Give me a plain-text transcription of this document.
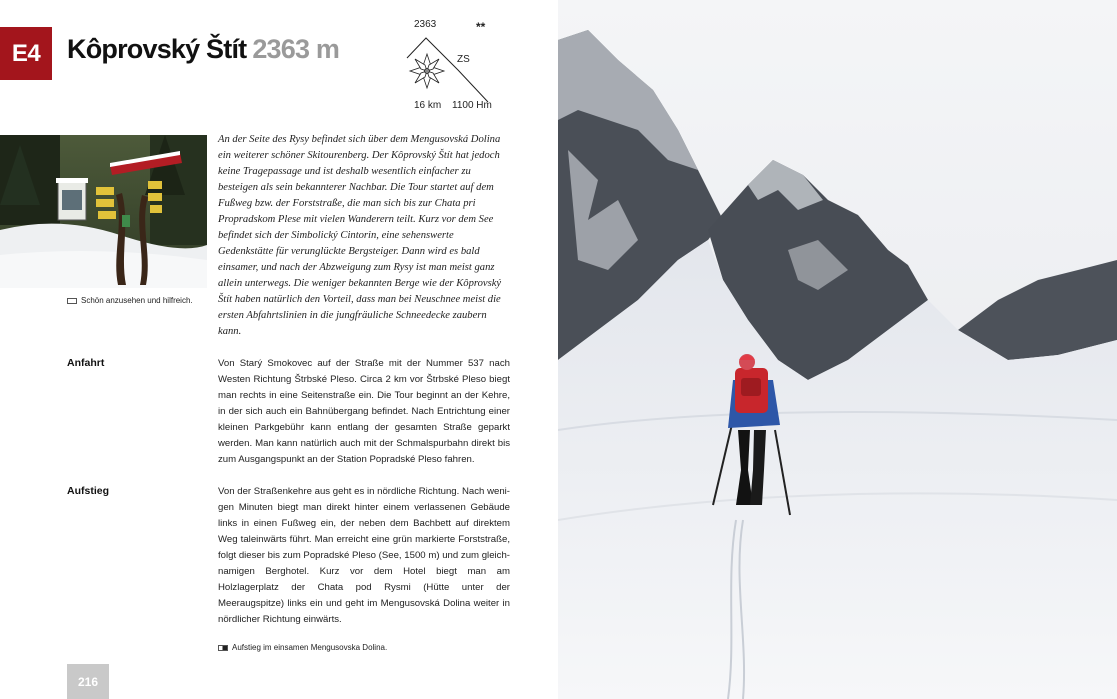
E4 Kôprovský Štít 2363 m
2363	**
ZS
16 km 1100 Hm
Schön anzusehen und hilfreich.

An der Seite des Rysy befindet sich über dem Mengusovská Dolina ein weiterer schöner Skitourenberg. Der Kôprovský Štít hat jedoch keine Tragepassage und ist deshalb wesentlich einfacher zu besteigen als sein bekannterer Nachbar. Die Tour startet auf dem Fußweg bzw. der Forststraße, die man sich bis zur Chata pri Propradskom Plese mit vielen Wanderern teilt. Kurz vor dem See befindet sich der Simbolický Cintorin, eine sehenswerte Gedenkstätte für verunglückte Bergsteiger. Dann wird es bald einsamer, und nach der Abzweigung zum Rysy ist man meist ganz allein unterwegs. Die weniger bekannten Berge wie der Kôprovský Štít haben natürlich den Vorteil, dass man bei Neuschnee meist die ersten Abfahrtslinien in die jungfräuliche Schneedecke zaubern kann.

Anfahrt	Von Starý Smokovec auf der Straße mit der Nummer 537 nach Westen Richtung Štrbské Pleso. Circa 2 km vor Štrbské Pleso biegt man rechts in eine Seitenstraße ein. Die Tour beginnt an der Kehre, in der sich auch ein Bahnübergang befindet. Nach Entrichtung einer kleinen Parkgebühr kann entlang der gesamten Straße geparkt werden. Man kann natürlich auch mit der Schmalspurbahn direkt bis zum Ausgangspunkt an der Station Popradské Pleso fahren.

Aufstieg	Von der Straßenkehre aus geht es in nördliche Richtung. Nach wenigen Minuten biegt man direkt hinter einem verlassenen Gebäude links in einen Fußweg ein, der neben dem Bachbett auf direktem Weg taleinwärts führt. Man erreicht eine grün markierte Forststraße, folgt dieser bis zum Popradské Pleso (See, 1500 m) und zum gleichnamigen Berghotel. Kurz vor dem Hotel biegt man am Holzlagerplatz der Chata pod Rysmi (Hütte unter der Meeraugspitze) links ein und geht im Mengusovská Dolina weiter in nördlicher Richtung einwärts.

Aufstieg im einsamen Mengusovska Dolina.
216
